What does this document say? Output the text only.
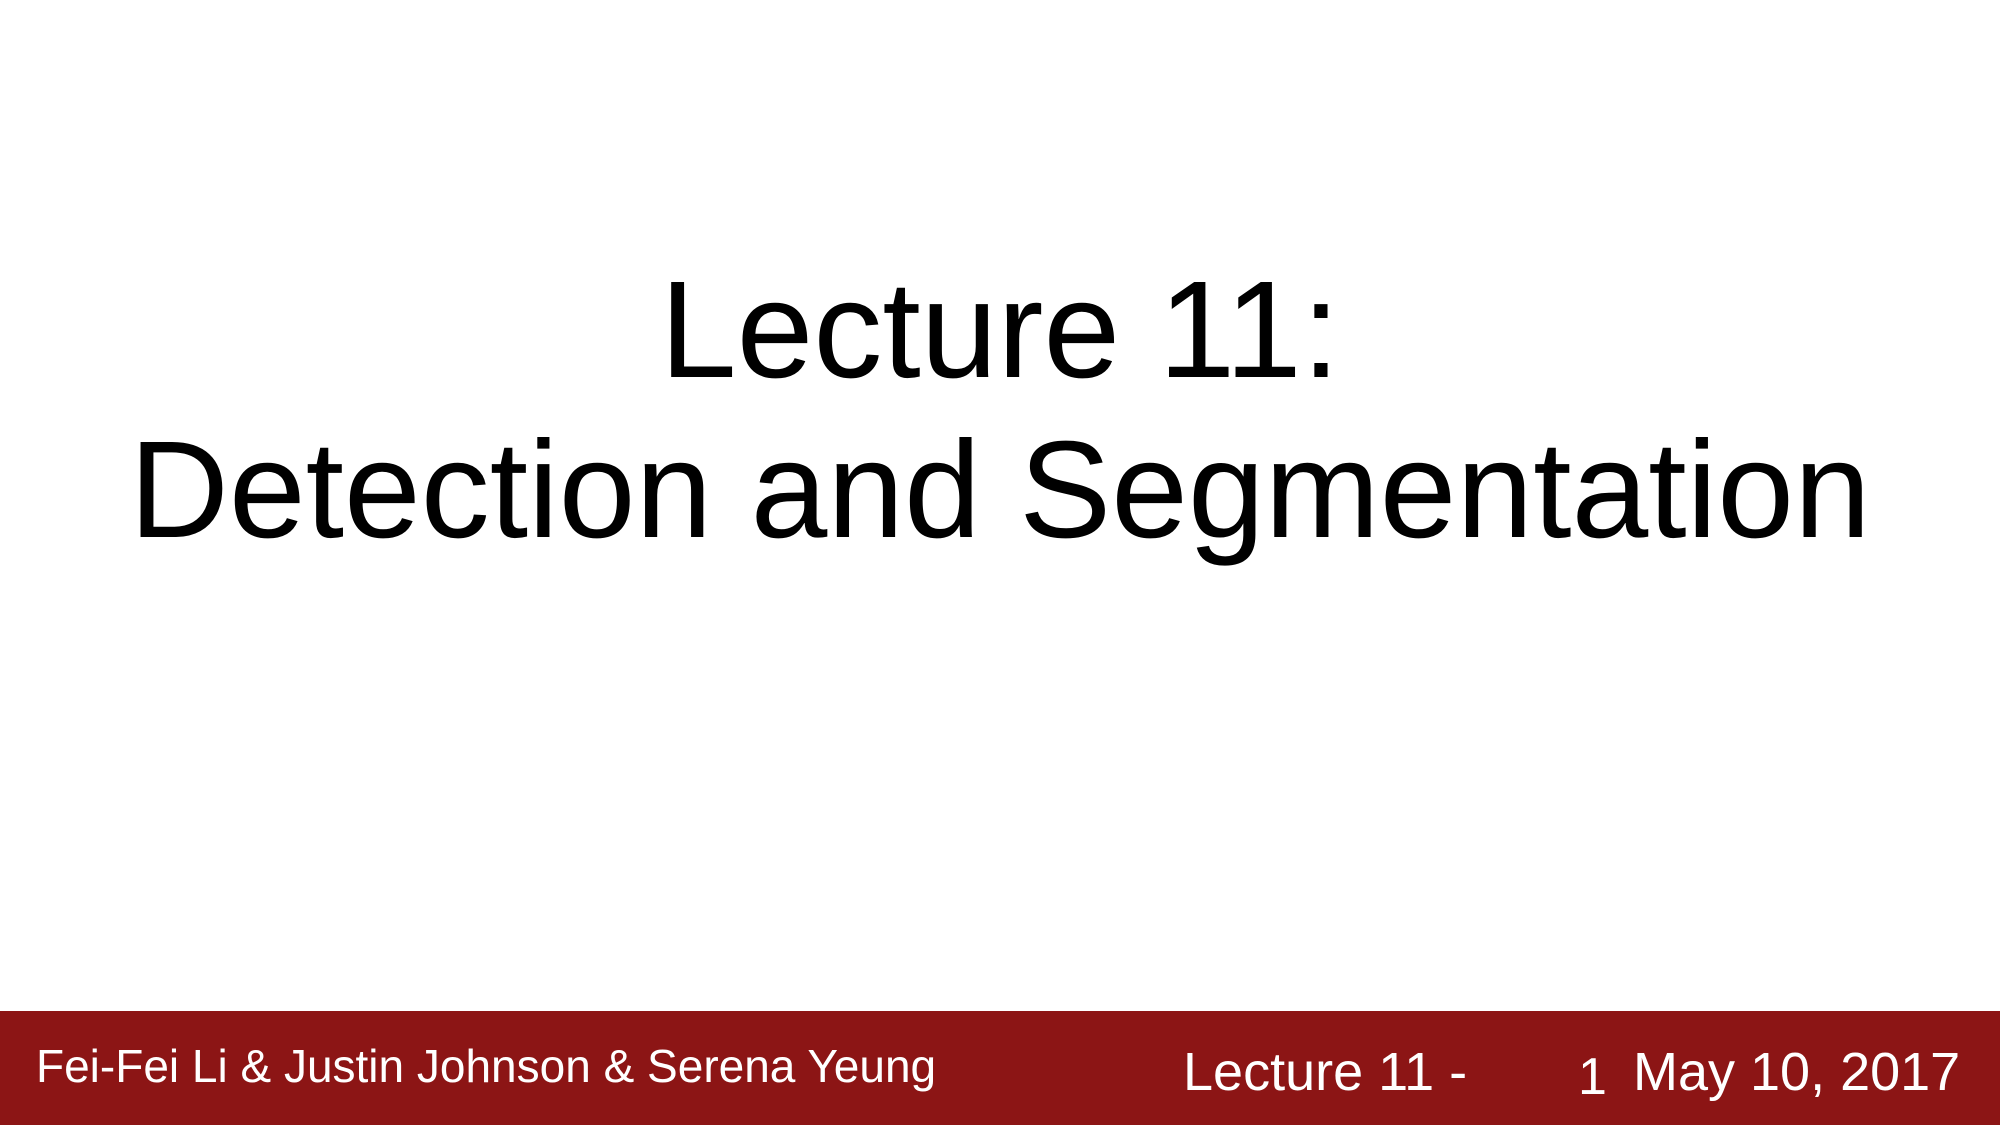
Lecture 11:
Detection and Segmentation
Fei-Fei Li & Justin Johnson & Serena Yeung	Lecture 11 - 1 May 10, 2017
